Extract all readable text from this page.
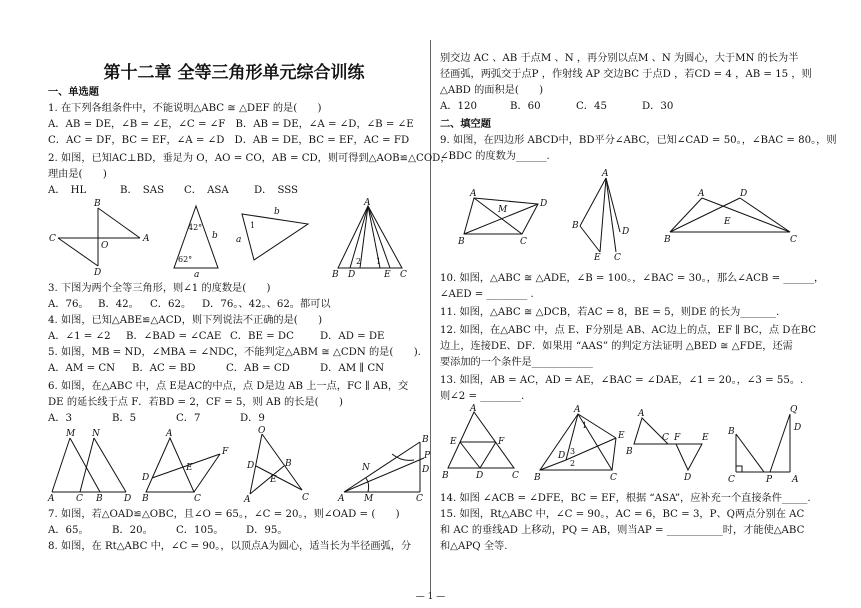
第十二章 全等三角形单元综合训练
一、单选题
1. 在下列各组条件中，不能说明△ABC ≅ △DEF 的是(　　)
A．AB = DE，∠B = ∠E，∠C = ∠F　B．AB = DE，∠A = ∠D，∠B = ∠E
C．AC = DF，BC = EF，∠A = ∠D　D．AB = DE，BC = EF，AC = FD
2. 如图，已知AC⊥BD，垂足为 O，AO = CO，AB = CD，则可得到△AOB≌△COD，
理由是(　　)
A．　HL	B．　SAS C．　ASA D．　SSS
B
C
O
A
D
42°
62°
b
a
b
a
1
A
B D
2 1
E C
3. 下图为两个全等三角形，则∠1 的度数是(　　)
A．76。 B．42。 C．62。 D．76。、42。、62。都可以
4. 如图，已知△ABE≌△ACD，则下列说法不正确的是(　　)
A．∠1 = ∠2 B．∠BAD = ∠CAE C．BE = DC	D．AD = DE
5. 如图，MB = ND，∠MBA = ∠NDC，不能判定△ABM ≅ △CDN 的是(　　).
A．AM = CN B．AC = BD	C．AB = CD	D．AM ∥ CN
6. 如图，在△ABC 中，点 E是AC的中点，点 D是边 AB 上一点，FC ∥ AB，交
DE 的延长线于点 F．若BD = 2，CF = 5，则 AB 的长是(　　)
A．3	B．5	C．7	D．9
M N
A C B D
A
F
D
E
B	C
O
D
A
B
E
C
B
P
D
N
A M	C
7. 如图，若△OAD≌△OBC，且∠O = 65。，∠C = 20。，则∠OAD = (　　)
A．65。 B．20。 C．105。 D．95。
8. 如图，在 Rt△ABC 中，∠C = 90。，以顶点A为圆心，适当长为半径画弧，分
别交边 AC 、AB 于点M 、N ，再分别以点M 、N 为圆心，大于MN 的长为半
径画弧，两弧交于点P ，作射线 AP 交边BC 于点D ，若CD = 4 ，AB = 15 ，则
△ABD 的面积是(　　)
A．120	B．60	C．45	D．30
二、填空题
9. 如图，在四边形 ABCD中，BD平分∠ABC，已知∠CAD = 50。，∠BAC = 80。，则
∠BDC 的度数为______.
A
D
M
B	C
A
B
E C
D
A	D
B	C
E
10. 如图，△ABC ≅ △ADE，∠B = 100。，∠BAC = 30。，那么∠ACB = ______，
∠AED = ________ .
11. 如图，△ABC ≅ △DCB，若AC = 8，BE = 5，则DE 的长为_______.
12. 如图，在△ABC 中，点 E、F分别是 AB、AC边上的点，EF ∥ BC，点 D在BC
边上，连接DE、DF．如果用 “AAS” 的判定方法证明 △BED ≅ △FDE，还需
要添加的一个条件是____________
13. 如图，AB = AC，AD = AE，∠BAC = ∠DAE，∠1 = 20。，∠3 = 55。.
则∠2 = ________.
A
E	F
B	D	C
A
E
D
B	C
3
2
1
A
B
C F E
D
Q
D
A
P
B
C
14. 如图 ∠ACB = ∠DFE，BC = EF，根据 “ASA”，应补充一个直接条件_____.
15. 如图，Rt△ABC 中，∠C = 90。，AC = 6，BC = 3，P、Q两点分别在 AC
和 AC 的垂线AD 上移动，PQ = AB，则当AP = ___________时，才能使△ABC
和△APQ 全等.
— 1 —
